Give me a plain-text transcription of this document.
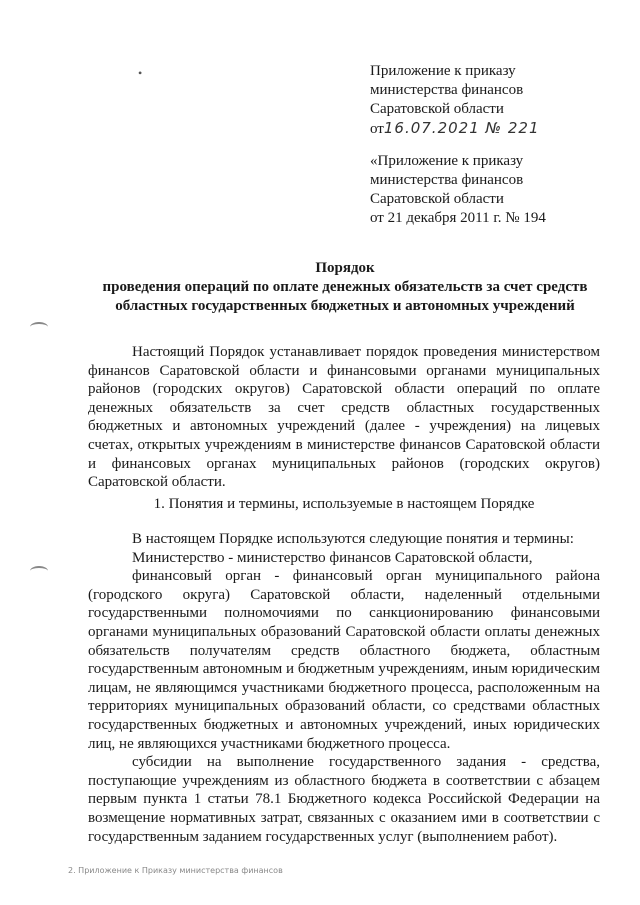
•	Приложение к приказу
министерства финансов
Саратовской области
от16.07.2021 № 221
«Приложение к приказу
министерства финансов
Саратовской области
от 21 декабря 2011 г. № 194
Порядок
проведения операций по оплате денежных обязательств за счет средств
областных государственных бюджетных и автономных учреждений

Настоящий Порядок устанавливает порядок проведения министерством финансов Саратовской области и финансовыми органами муниципальных районов (городских округов) Саратовской области операций по оплате денежных обязательств за счет средств областных государственных бюджетных и автономных учреждений (далее - учреждения) на лицевых счетах, открытых учреждениям в министерстве финансов Саратовской области и финансовых органах муниципальных районов (городских округов) Саратовской области.

1. Понятия и термины, используемые в настоящем Порядке

В настоящем Порядке используются следующие понятия и термины:

Министерство - министерство финансов Саратовской области,

финансовый орган - финансовый орган муниципального района (городского округа) Саратовской области, наделенный отдельными государственными полномочиями по санкционированию финансовыми органами муниципальных образований Саратовской области оплаты денежных обязательств получателям средств областного бюджета, областным государственным автономным и бюджетным учреждениям, иным юридическим лицам, не являющимся участниками бюджетного процесса, расположенным на территориях муниципальных образований области, со средствами областных государственных бюджетных и автономных учреждений, иных юридических лиц, не являющихся участниками бюджетного процесса.

субсидии на выполнение государственного задания - средства, поступающие учреждениям из областного бюджета в соответствии с абзацем первым пункта 1 статьи 78.1 Бюджетного кодекса Российской Федерации на возмещение нормативных затрат, связанных с оказанием ими в соответствии с государственным заданием государственных услуг (выполнением работ).

2. Приложение к Приказу министерства финансов
